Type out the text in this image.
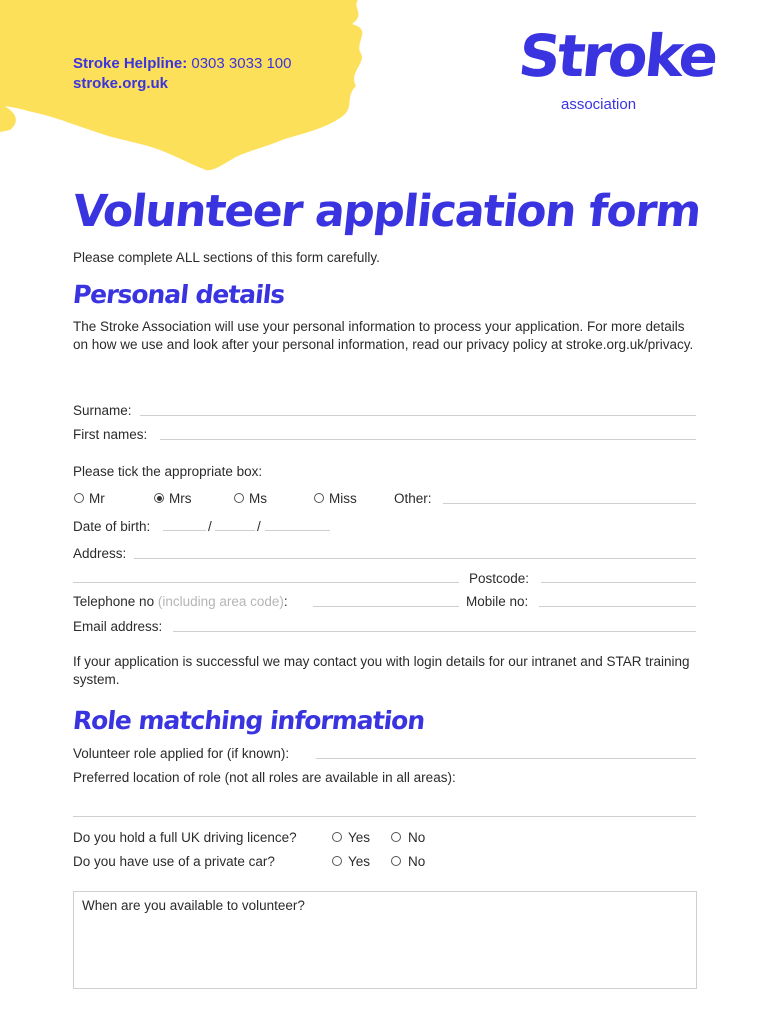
Stroke Helpline: 0303 3033 100
stroke.org.uk	Stroke
association
Volunteer application form
Please complete ALL sections of this form carefully.
Personal details
The Stroke Association will use your personal information to process your application. For more details on how we use and look after your personal information, read our privacy policy at stroke.org.uk/privacy.
Surname:
First names:
Please tick the appropriate box:
Mr	Mrs	Ms	Miss	Other:
Date of birth:	/	/
Address:
Postcode:
Telephone no (including area code):	Mobile no:
Email address:
If your application is successful we may contact you with login details for our intranet and STAR training system.
Role matching information
Volunteer role applied for (if known):
Preferred location of role (not all roles are available in all areas):
Do you hold a full UK driving licence?	Yes	No
Do you have use of a private car?	Yes	No
When are you available to volunteer?
